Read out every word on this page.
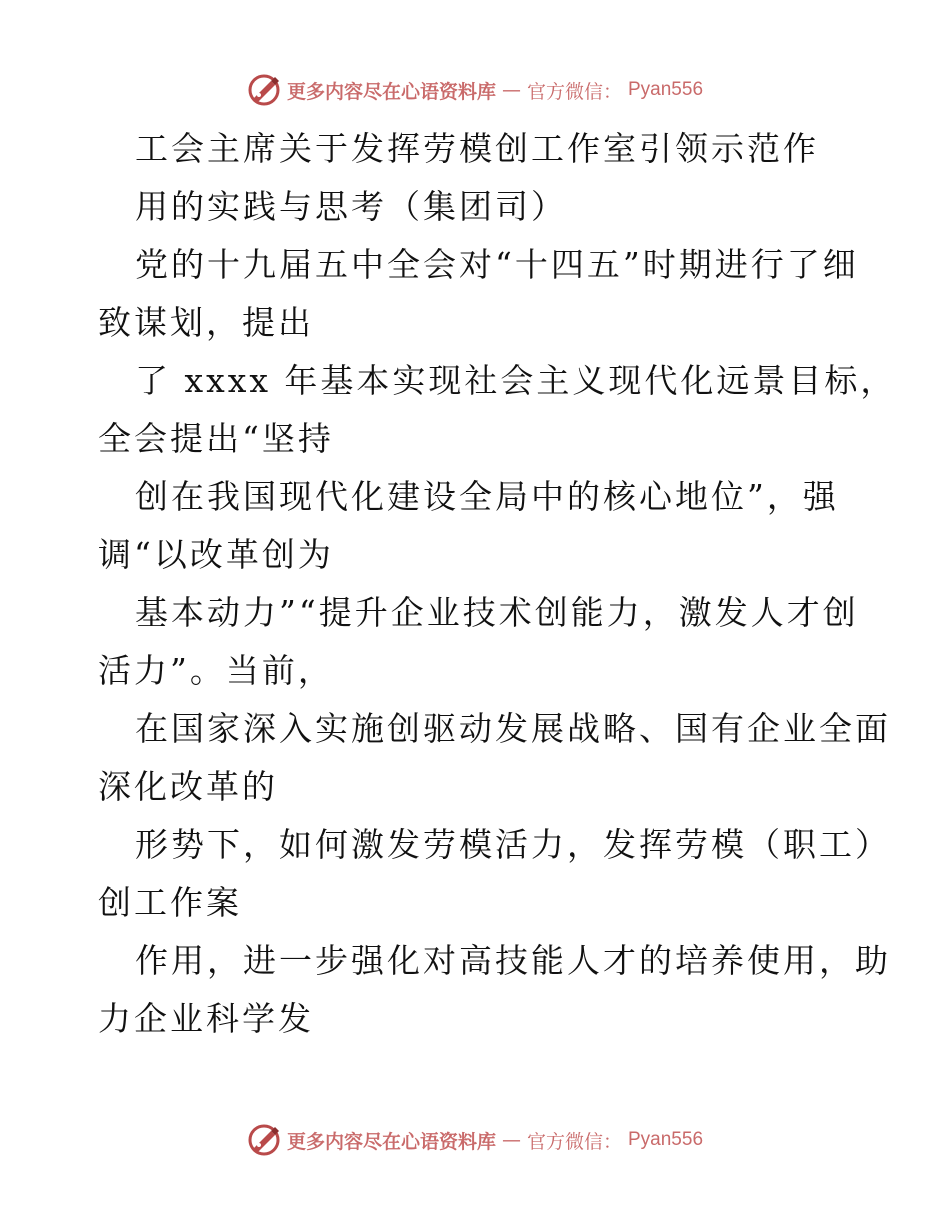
更多内容尽在心语资料库 — 官方微信： Pyan556
工会主席关于发挥劳模创工作室引领示范作
用的实践与思考（集团司）
党的十九届五中全会对“十四五”时期进行了细
致谋划，提出
了 xxxx 年基本实现社会主义现代化远景目标，
全会提出“坚持
创在我国现代化建设全局中的核心地位”，强
调“以改革创为
基本动力”“提升企业技术创能力，激发人才创
活力”。当前，
在国家深入实施创驱动发展战略、国有企业全面
深化改革的
形势下，如何激发劳模活力，发挥劳模（职工）
创工作案
作用，进一步强化对高技能人才的培养使用，助
力企业科学发
更多内容尽在心语资料库 — 官方微信： Pyan556
